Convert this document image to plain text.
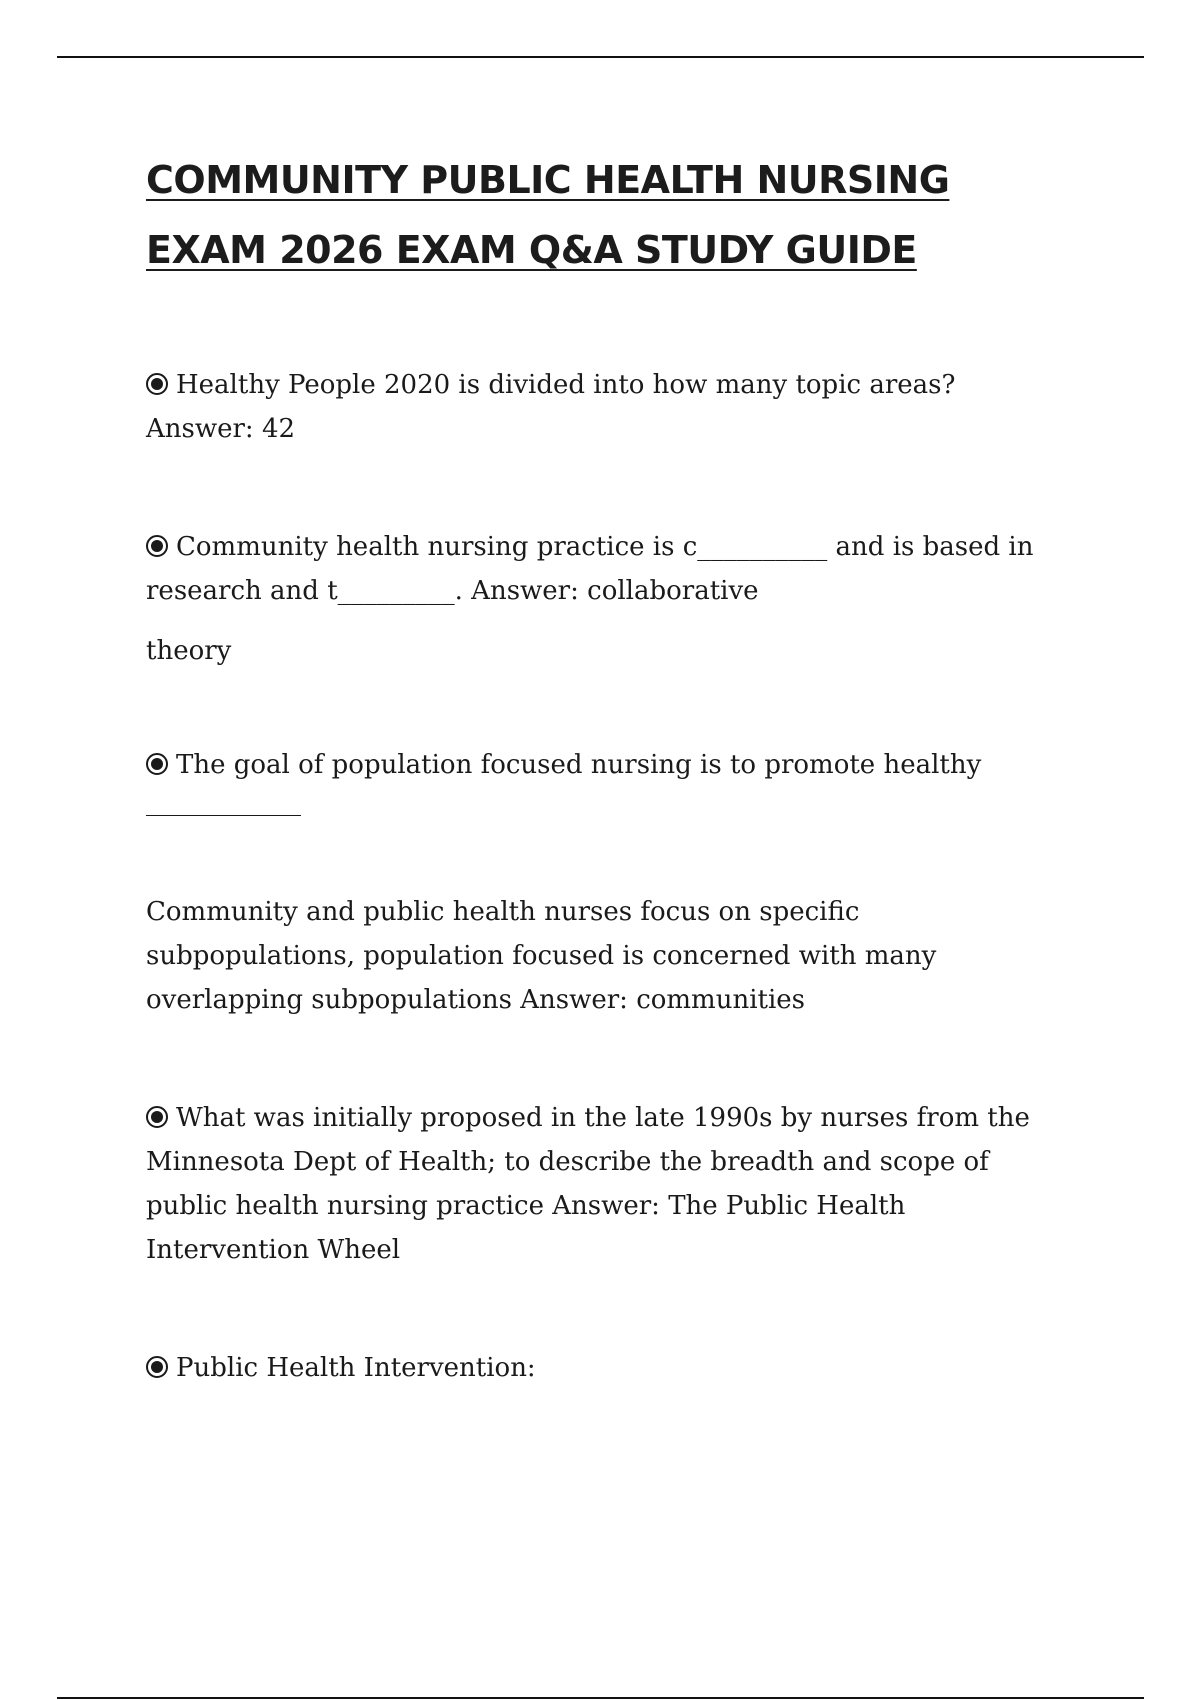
COMMUNITY PUBLIC HEALTH NURSING EXAM 2026 EXAM Q&A STUDY GUIDE

Healthy People 2020 is divided into how many topic areas?
Answer: 42

Community health nursing practice is c__________ and is based in research and t_________. Answer: collaborative

theory

The goal of population focused nursing is to promote healthy

Community and public health nurses focus on specific subpopulations, population focused is concerned with many overlapping subpopulations Answer: communities

What was initially proposed in the late 1990s by nurses from the Minnesota Dept of Health; to describe the breadth and scope of public health nursing practice Answer: The Public Health Intervention Wheel

Public Health Intervention:
